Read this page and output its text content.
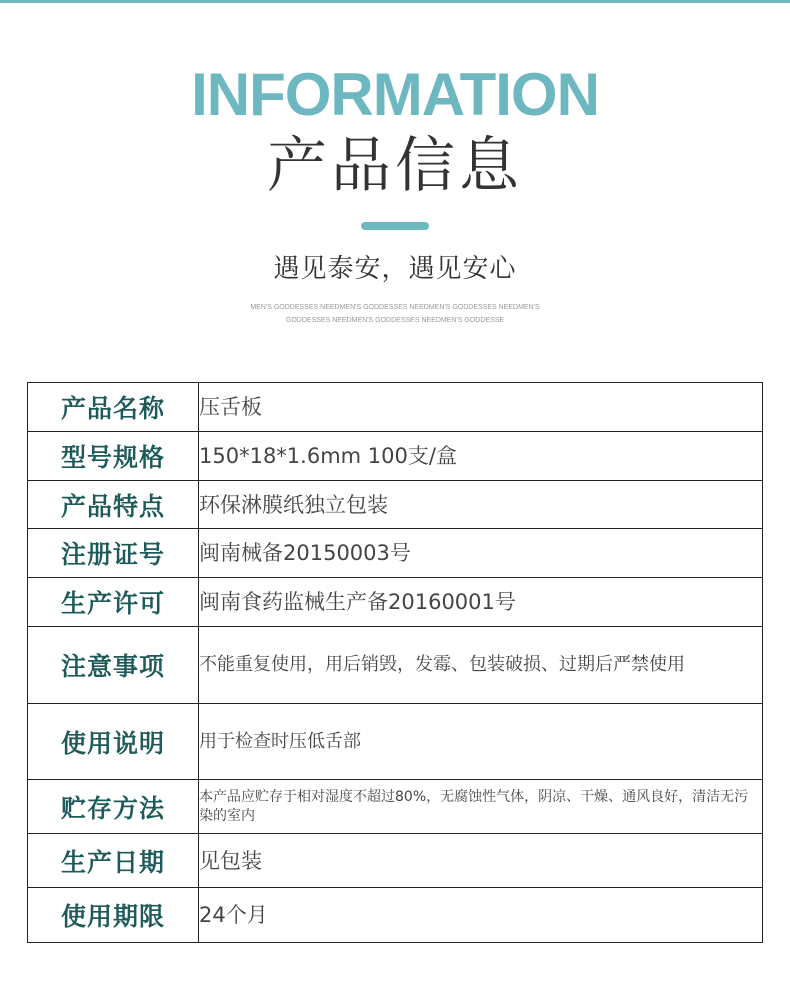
INFORMATION
产品信息
遇见泰安，遇见安心
MEN'S GODDESSES NEEDMEN'S GODDESSES NEEDMEN'S GODDESSES NEEDMEN'S
GODDESSES NEEDMEN'S GODDESSES NEEDMEN'S GODDESSE
产品名称	压舌板
型号规格	150*18*1.6mm 100支/盒
产品特点	环保淋膜纸独立包装
注册证号	闽南械备20150003号
生产许可	闽南食药监械生产备20160001号
注意事项	不能重复使用，用后销毁，发霉、包装破损、过期后严禁使用
使用说明	用于检查时压低舌部
贮存方法	本产品应贮存于相对湿度不超过80%，无腐蚀性气体，阴凉、干燥、通风良好，清洁无污染的室内
生产日期	见包装
使用期限	24个月
